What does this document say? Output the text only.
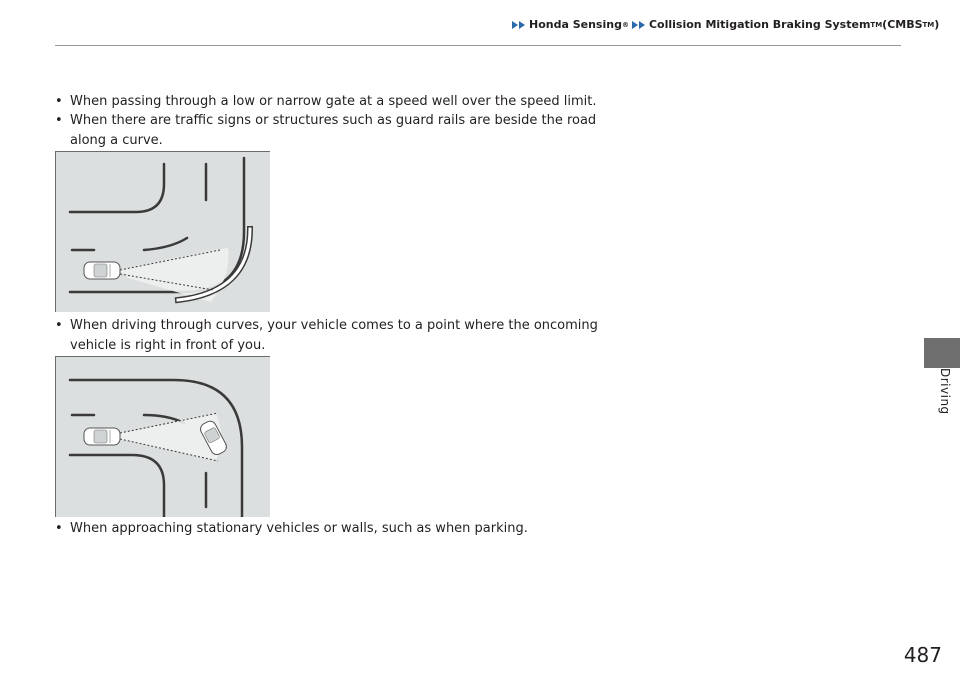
Honda Sensing ® Collision Mitigation Braking System TM (CMBS TM )
• When passing through a low or narrow gate at a speed well over the speed limit.
• When there are traffic signs or structures such as guard rails are beside the road along a curve.
• When driving through curves, your vehicle comes to a point where the oncoming vehicle is right in front of you.
• When approaching stationary vehicles or walls, such as when parking.
Driving
487
